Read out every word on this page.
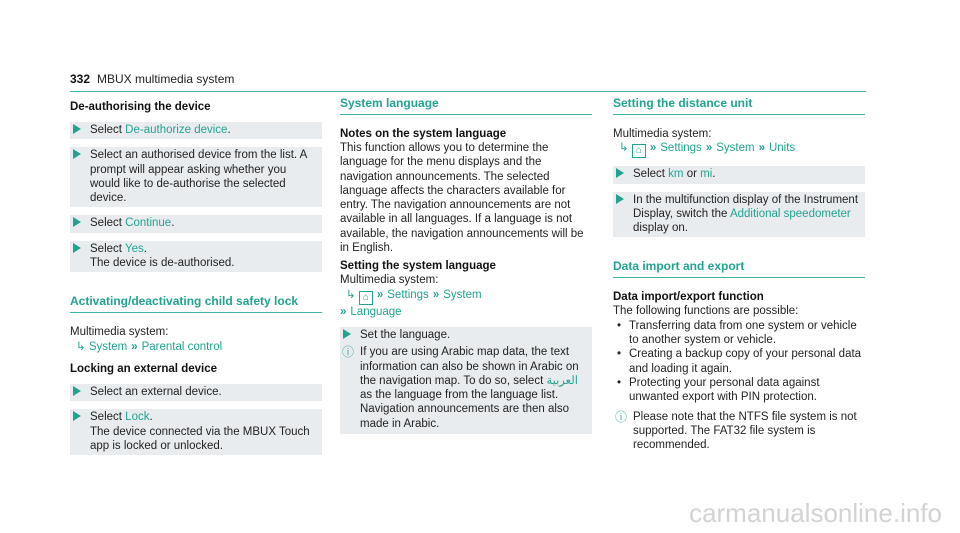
332 MBUX multimedia system
De-authorising the device
Select De-authorize device.
Select an authorised device from the list. A prompt will appear asking whether you would like to de-authorise the selected device.
Select Continue.
Select Yes.
The device is de-authorised.
Activating/deactivating child safety lock
Multimedia system:
↳ System » Parental control
Locking an external device
Select an external device.
Select Lock.
The device connected via the MBUX Touch app is locked or unlocked.
System language
Notes on the system language
This function allows you to determine the language for the menu displays and the navigation announcements. The selected language affects the characters available for entry. The navigation announcements are not available in all languages. If a language is not available, the navigation announcements will be in English.
Setting the system language
Multimedia system:
↳ ⌂ » Settings » System
» Language
Set the language.
ⓘ If you are using Arabic map data, the text information can also be shown in Arabic on the navigation map. To do so, select العربية as the language from the language list. Navigation announcements are then also made in Arabic.
Setting the distance unit
Multimedia system:
↳ ⌂ » Settings » System » Units
Select km or mi.
In the multifunction display of the Instrument Display, switch the Additional speedometer display on.
Data import and export
Data import/export function
The following functions are possible:
• Transferring data from one system or vehicle to another system or vehicle.
• Creating a backup copy of your personal data and loading it again.
• Protecting your personal data against unwanted export with PIN protection.
ⓘ Please note that the NTFS file system is not supported. The FAT32 file system is recommended.
carmanualsonline.info
